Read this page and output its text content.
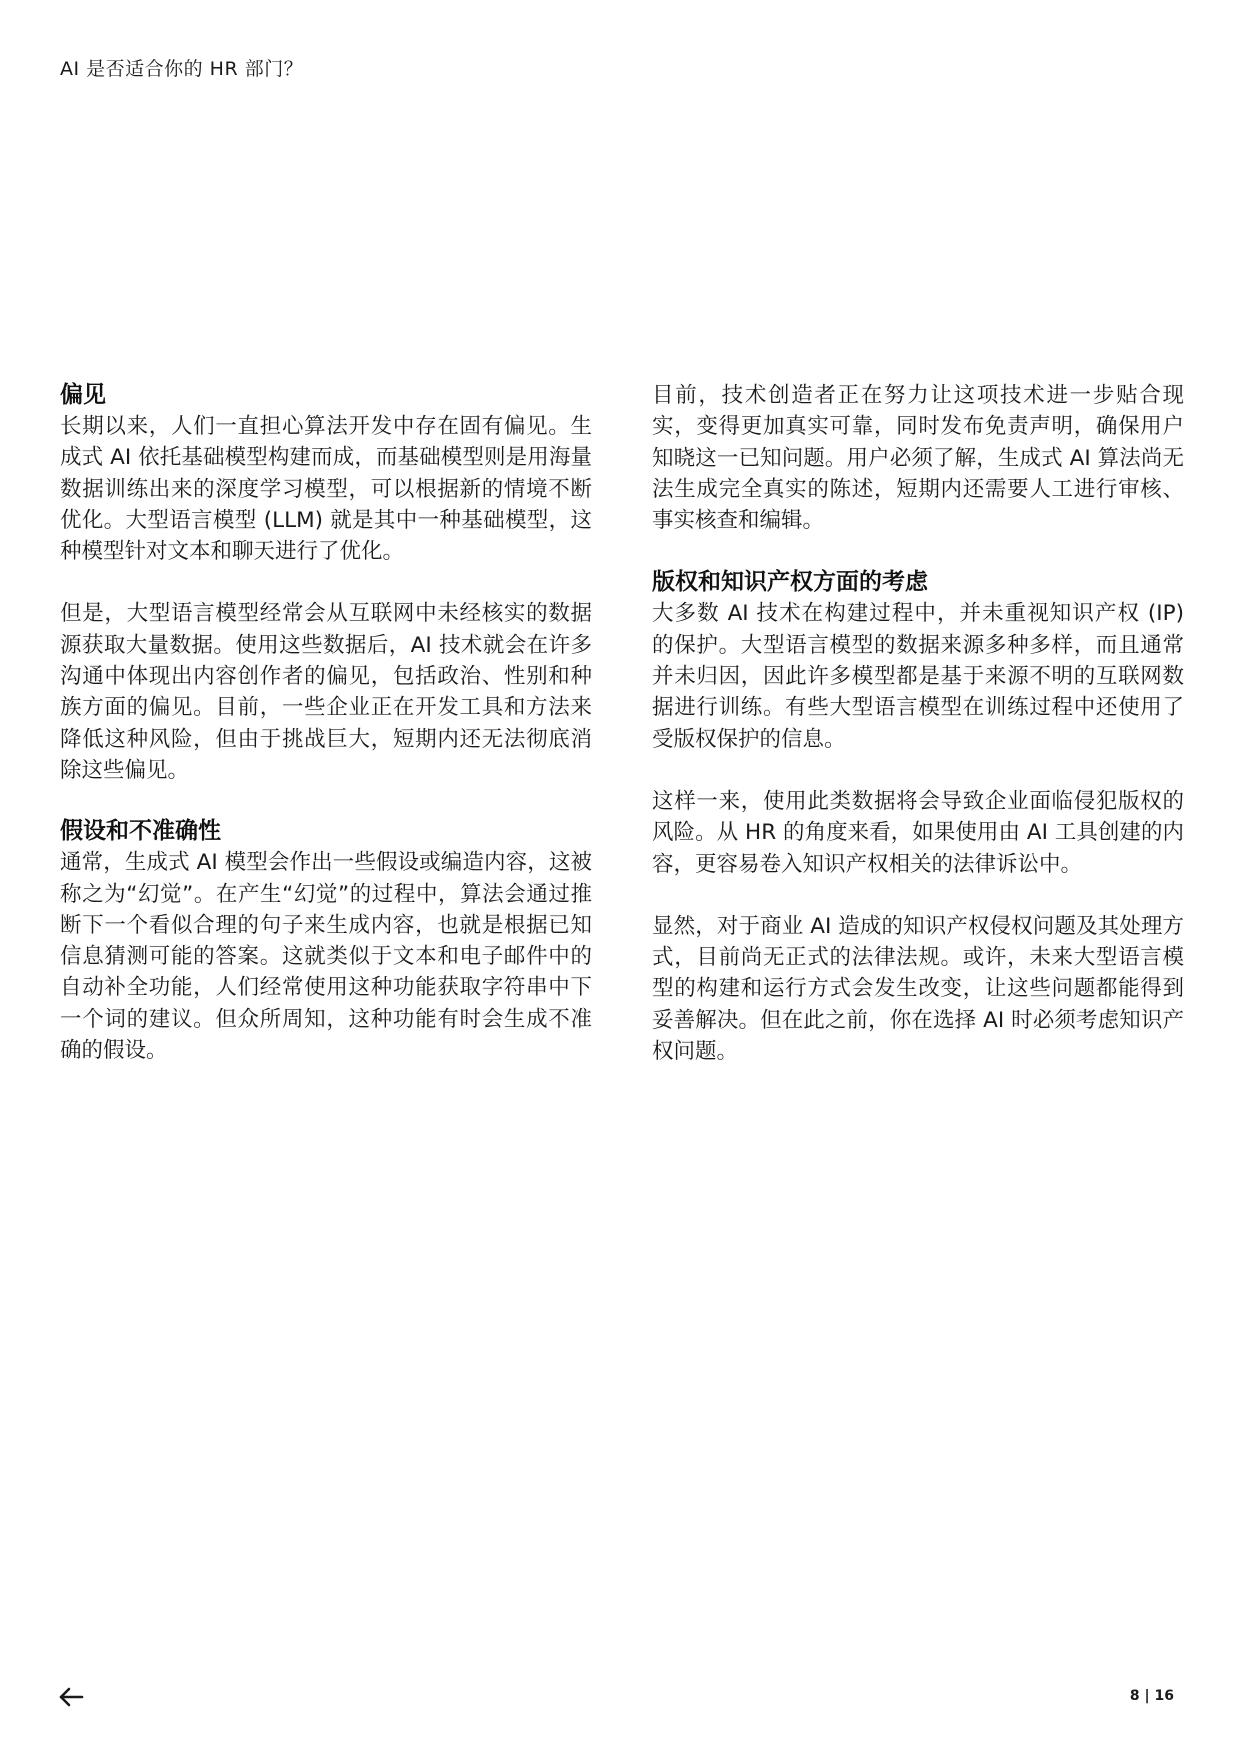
AI 是否适合你的 HR 部门？
偏见

长期以来，人们一直担心算法开发中存在固有偏见。生成式 AI 依托基础模型构建而成，而基础模型则是用海量数据训练出来的深度学习模型，可以根据新的情境不断优化。大型语言模型 (LLM) 就是其中一种基础模型，这种模型针对文本和聊天进行了优化。

但是，大型语言模型经常会从互联网中未经核实的数据源获取大量数据。使用这些数据后，AI 技术就会在许多沟通中体现出内容创作者的偏见，包括政治、性别和种族方面的偏见。目前，一些企业正在开发工具和方法来降低这种风险，但由于挑战巨大，短期内还无法彻底消除这些偏见。

假设和不准确性

通常，生成式 AI 模型会作出一些假设或编造内容，这被称之为“幻觉”。在产生“幻觉”的过程中，算法会通过推断下一个看似合理的句子来生成内容，也就是根据已知信息猜测可能的答案。这就类似于文本和电子邮件中的自动补全功能，人们经常使用这种功能获取字符串中下一个词的建议。但众所周知，这种功能有时会生成不准确的假设。

目前，技术创造者正在努力让这项技术进一步贴合现实，变得更加真实可靠，同时发布免责声明，确保用户知晓这一已知问题。用户必须了解，生成式 AI 算法尚无法生成完全真实的陈述，短期内还需要人工进行审核、事实核查和编辑。

版权和知识产权方面的考虑

大多数 AI 技术在构建过程中，并未重视知识产权 (IP) 的保护。大型语言模型的数据来源多种多样，而且通常并未归因，因此许多模型都是基于来源不明的互联网数据进行训练。有些大型语言模型在训练过程中还使用了受版权保护的信息。

这样一来，使用此类数据将会导致企业面临侵犯版权的风险。从 HR 的角度来看，如果使用由 AI 工具创建的内容，更容易卷入知识产权相关的法律诉讼中。

显然，对于商业 AI 造成的知识产权侵权问题及其处理方式，目前尚无正式的法律法规。或许，未来大型语言模型的构建和运行方式会发生改变，让这些问题都能得到妥善解决。但在此之前，你在选择 AI 时必须考虑知识产权问题。

8 | 16
